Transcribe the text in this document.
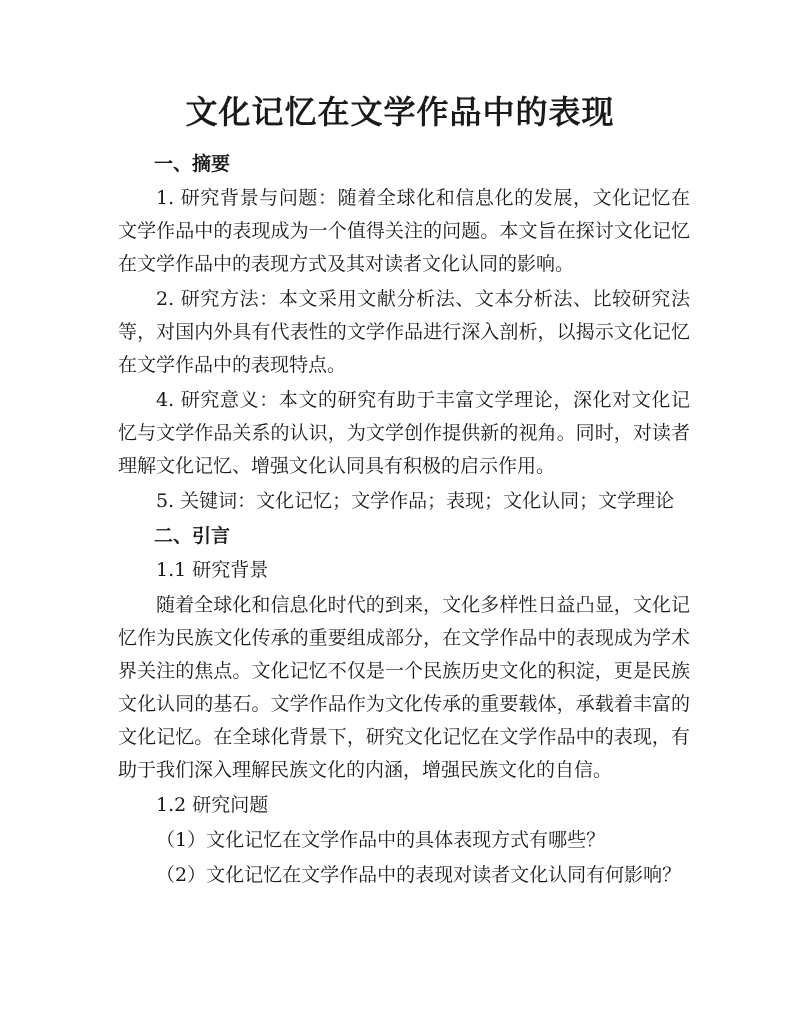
文化记忆在文学作品中的表现
一、摘要

1. 研究背景与问题：随着全球化和信息化的发展，文化记忆在文学作品中的表现成为一个值得关注的问题。本文旨在探讨文化记忆在文学作品中的表现方式及其对读者文化认同的影响。

2. 研究方法：本文采用文献分析法、文本分析法、比较研究法等，对国内外具有代表性的文学作品进行深入剖析，以揭示文化记忆在文学作品中的表现特点。

4. 研究意义：本文的研究有助于丰富文学理论，深化对文化记忆与文学作品关系的认识，为文学创作提供新的视角。同时，对读者理解文化记忆、增强文化认同具有积极的启示作用。

5. 关键词：文化记忆；文学作品；表现；文化认同；文学理论

二、引言
1.1 研究背景

随着全球化和信息化时代的到来，文化多样性日益凸显，文化记忆作为民族文化传承的重要组成部分，在文学作品中的表现成为学术界关注的焦点。文化记忆不仅是一个民族历史文化的积淀，更是民族文化认同的基石。文学作品作为文化传承的重要载体，承载着丰富的文化记忆。在全球化背景下，研究文化记忆在文学作品中的表现，有助于我们深入理解民族文化的内涵，增强民族文化的自信。

1.2 研究问题
（1）文化记忆在文学作品中的具体表现方式有哪些？
（2）文化记忆在文学作品中的表现对读者文化认同有何影响？
